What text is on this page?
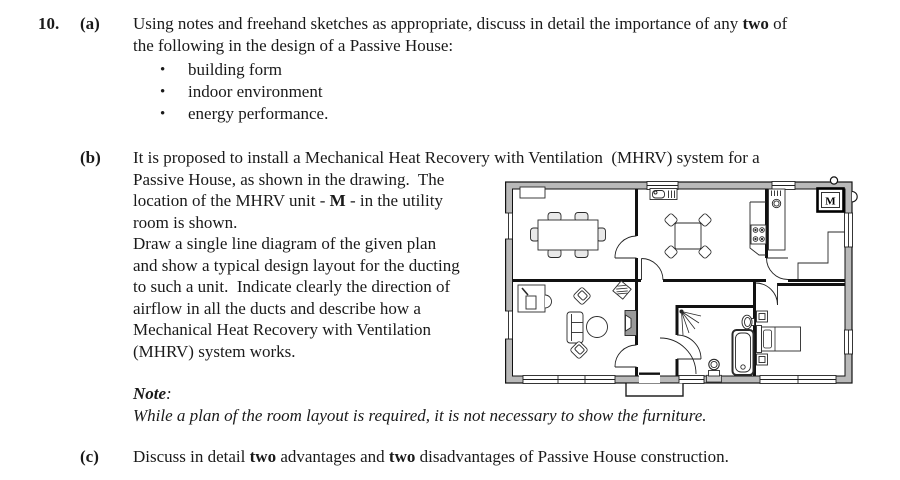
10. (a) Using notes and freehand sketches as appropriate, discuss in detail the importance of any two of
the following in the design of a Passive House:
•	building form
•	indoor environment
•	energy performance.
(b) It is proposed to install a Mechanical Heat Recovery with Ventilation  (MHRV) system for a
Passive House, as shown in the drawing.  The
location of the MHRV unit - M - in the utility
room is shown.
Draw a single line diagram of the given plan
and show a typical design layout for the ducting
to such a unit.  Indicate clearly the direction of
airflow in all the ducts and describe how a
Mechanical Heat Recovery with Ventilation
(MHRV) system works.
Note:
While a plan of the room layout is required, it is not necessary to show the furniture.
(c) Discuss in detail two advantages and two disadvantages of Passive House construction.
M
